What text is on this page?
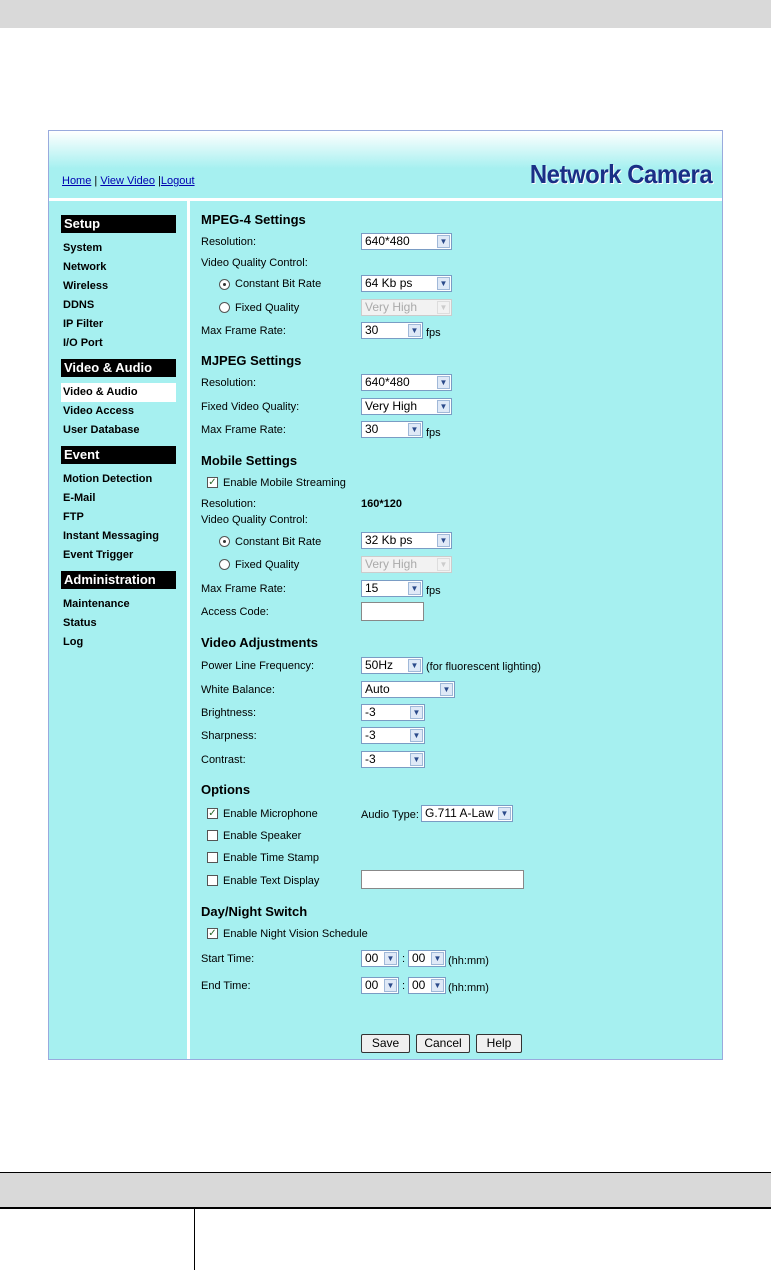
Home | View Video |Logout	Network Camera
Setup
System
Network
Wireless
DDNS
IP Filter
I/O Port
Video & Audio
Video & Audio
Video Access
User Database
Event
Motion Detection
E-Mail
FTP
Instant Messaging
Event Trigger
Administration
Maintenance
Status
Log
MPEG-4 Settings
Resolution:	640*480	▼
Video Quality Control:
Constant Bit Rate	64 Kb ps	▼
Fixed Quality	Very High	▼
Max Frame Rate:	30	▼ fps
MJPEG Settings
Resolution:	640*480	▼
Fixed Video Quality:	Very High	▼
Max Frame Rate:	30	▼ fps
Mobile Settings
✓ Enable Mobile Streaming
Resolution:	160*120
Video Quality Control:
Constant Bit Rate	32 Kb ps	▼
Fixed Quality	Very High	▼
Max Frame Rate:	15	▼ fps
Access Code:
Video Adjustments
Power Line Frequency:	50Hz	▼ (for fluorescent lighting)
White Balance:	Auto	▼
Brightness:	-3	▼
Sharpness:	-3	▼
Contrast:	-3	▼
Options
✓ Enable Microphone	Audio Type: G.711 A-Law ▼
Enable Speaker
Enable Time Stamp
Enable Text Display
Day/Night Switch
✓ Enable Night Vision Schedule
Start Time:	00	▼ : 00	▼ (hh:mm)
End Time:	00	▼ : 00	▼ (hh:mm)
Save	Cancel	Help
